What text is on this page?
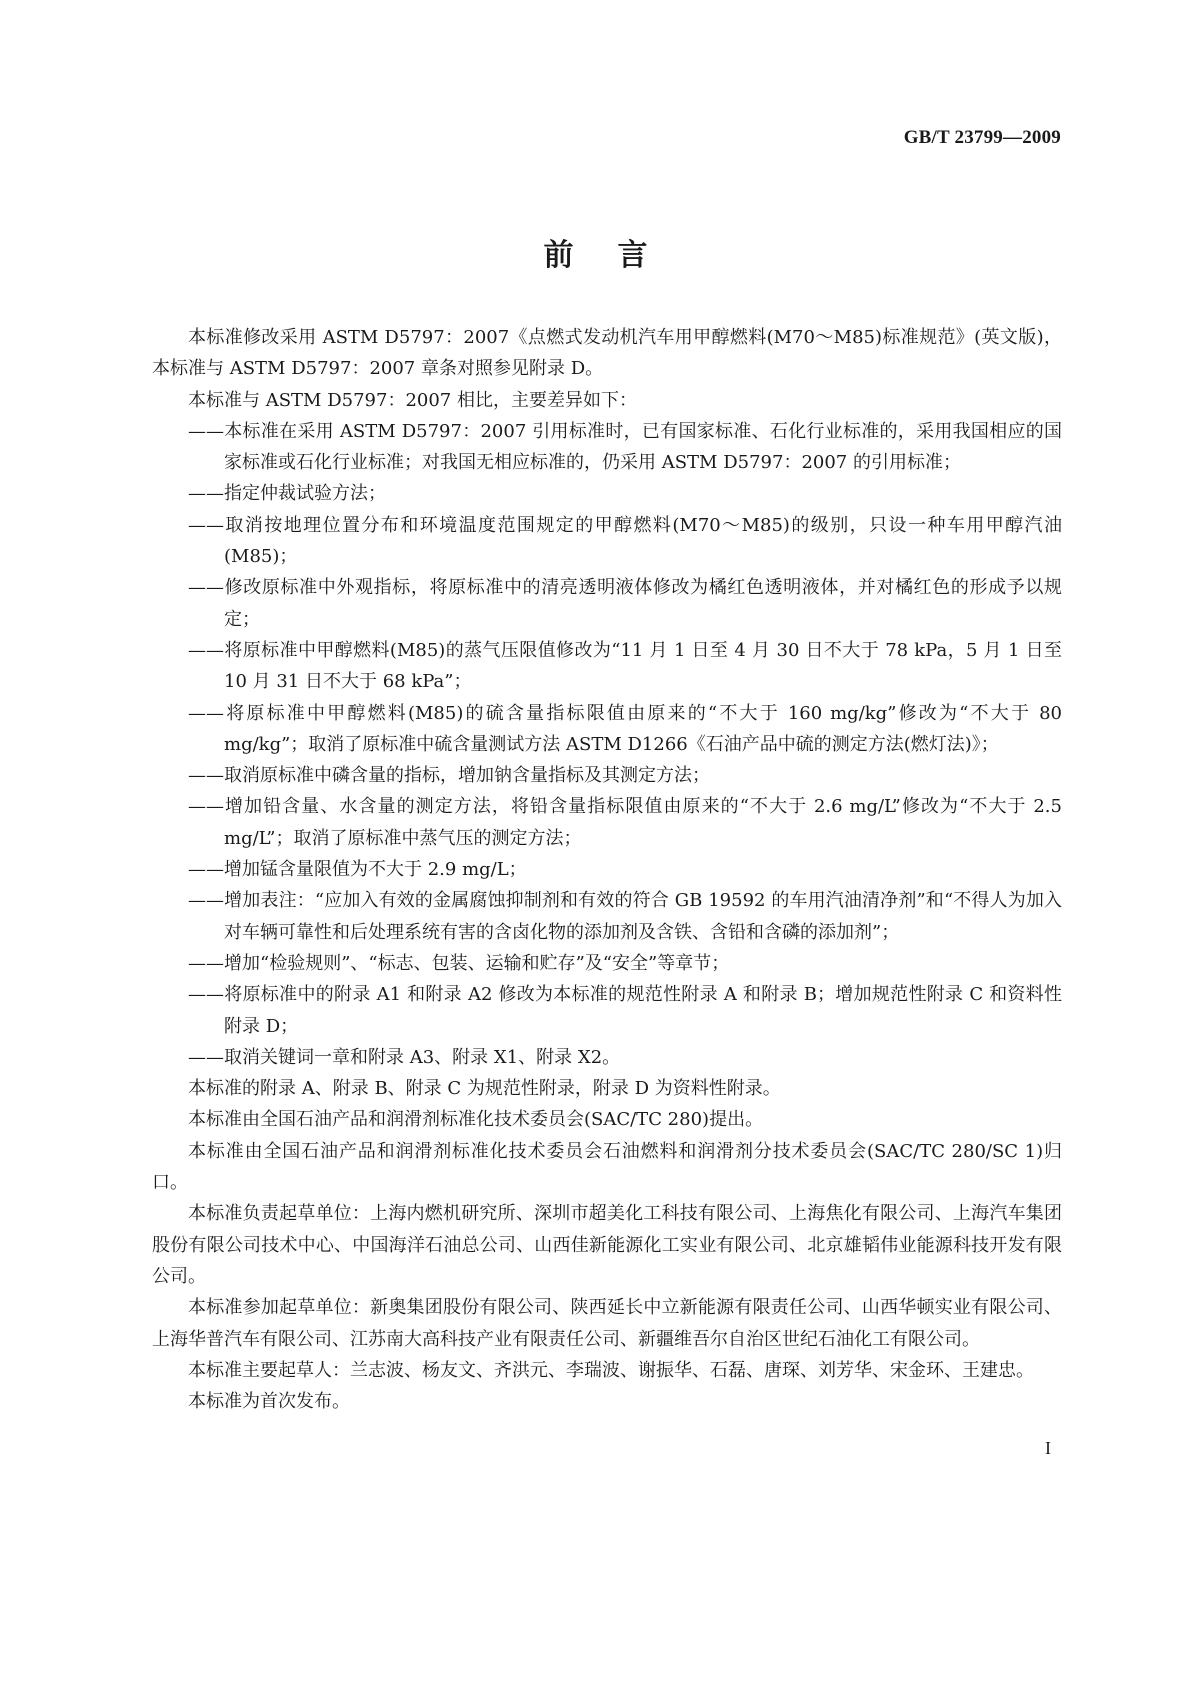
GB/T 23799—2009
前言

本标准修改采用 ASTM D5797：2007《点燃式发动机汽车用甲醇燃料(M70～M85)标准规范》(英文版)，本标准与 ASTM D5797：2007 章条对照参见附录 D。

本标准与 ASTM D5797：2007 相比，主要差异如下：

——本标准在采用 ASTM D5797：2007 引用标准时，已有国家标准、石化行业标准的，采用我国相应的国家标准或石化行业标准；对我国无相应标准的，仍采用 ASTM D5797：2007 的引用标准；

——指定仲裁试验方法；

——取消按地理位置分布和环境温度范围规定的甲醇燃料(M70～M85)的级别，只设一种车用甲醇汽油(M85)；

——修改原标准中外观指标，将原标准中的清亮透明液体修改为橘红色透明液体，并对橘红色的形成予以规定；

——将原标准中甲醇燃料(M85)的蒸气压限值修改为“11 月 1 日至 4 月 30 日不大于 78 kPa，5 月 1 日至 10 月 31 日不大于 68 kPa”；

——将原标准中甲醇燃料(M85)的硫含量指标限值由原来的“不大于 160 mg/kg”修改为“不大于 80 mg/kg”；取消了原标准中硫含量测试方法 ASTM D1266《石油产品中硫的测定方法(燃灯法)》；

——取消原标准中磷含量的指标，增加钠含量指标及其测定方法；

——增加铅含量、水含量的测定方法，将铅含量指标限值由原来的“不大于 2.6 mg/L”修改为“不大于 2.5 mg/L”；取消了原标准中蒸气压的测定方法；

——增加锰含量限值为不大于 2.9 mg/L；

——增加表注：“应加入有效的金属腐蚀抑制剂和有效的符合 GB 19592 的车用汽油清净剂”和“不得人为加入对车辆可靠性和后处理系统有害的含卤化物的添加剂及含铁、含铅和含磷的添加剂”；

——增加“检验规则”、“标志、包装、运输和贮存”及“安全”等章节；

——将原标准中的附录 A1 和附录 A2 修改为本标准的规范性附录 A 和附录 B；增加规范性附录 C 和资料性附录 D；

——取消关键词一章和附录 A3、附录 X1、附录 X2。

本标准的附录 A、附录 B、附录 C 为规范性附录，附录 D 为资料性附录。

本标准由全国石油产品和润滑剂标准化技术委员会(SAC/TC 280)提出。

本标准由全国石油产品和润滑剂标准化技术委员会石油燃料和润滑剂分技术委员会(SAC/TC 280/SC 1)归口。

本标准负责起草单位：上海内燃机研究所、深圳市超美化工科技有限公司、上海焦化有限公司、上海汽车集团股份有限公司技术中心、中国海洋石油总公司、山西佳新能源化工实业有限公司、北京雄韬伟业能源科技开发有限公司。

本标准参加起草单位：新奥集团股份有限公司、陕西延长中立新能源有限责任公司、山西华顿实业有限公司、上海华普汽车有限公司、江苏南大高科技产业有限责任公司、新疆维吾尔自治区世纪石油化工有限公司。

本标准主要起草人：兰志波、杨友文、齐洪元、李瑞波、谢振华、石磊、唐琛、刘芳华、宋金环、王建忠。

本标准为首次发布。

I
